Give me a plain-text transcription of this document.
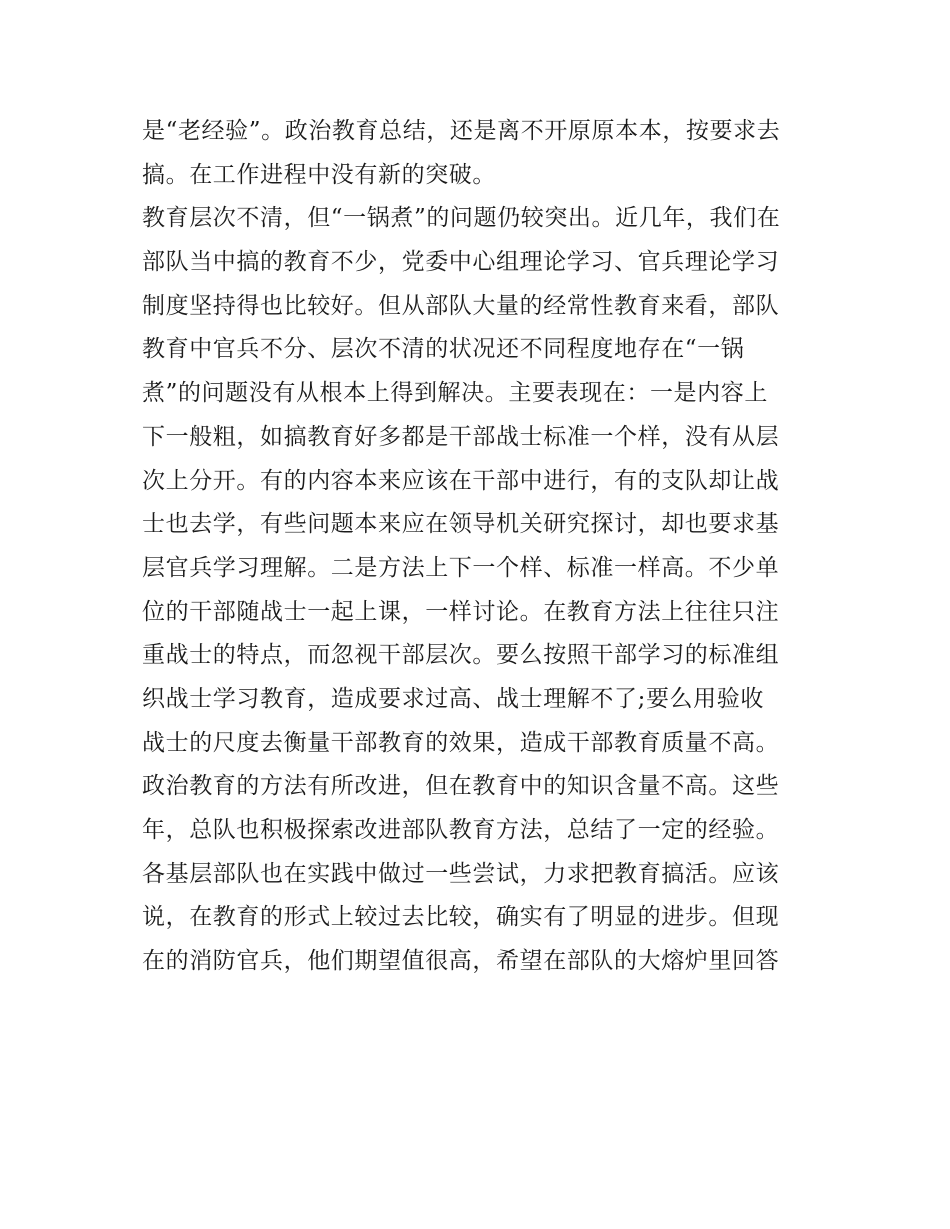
是“老经验”。政治教育总结，还是离不开原原本本，按要求去
搞。在工作进程中没有新的突破。
教育层次不清，但“一锅煮”的问题仍较突出。近几年，我们在
部队当中搞的教育不少，党委中心组理论学习、官兵理论学习
制度坚持得也比较好。但从部队大量的经常性教育来看，部队
教育中官兵不分、层次不清的状况还不同程度地存在“一锅
煮”的问题没有从根本上得到解决。主要表现在：一是内容上
下一般粗，如搞教育好多都是干部战士标准一个样，没有从层
次上分开。有的内容本来应该在干部中进行，有的支队却让战
士也去学，有些问题本来应在领导机关研究探讨，却也要求基
层官兵学习理解。二是方法上下一个样、标准一样高。不少单
位的干部随战士一起上课，一样讨论。在教育方法上往往只注
重战士的特点，而忽视干部层次。要么按照干部学习的标准组
织战士学习教育，造成要求过高、战士理解不了;要么用验收
战士的尺度去衡量干部教育的效果，造成干部教育质量不高。
政治教育的方法有所改进，但在教育中的知识含量不高。这些
年，总队也积极探索改进部队教育方法，总结了一定的经验。
各基层部队也在实践中做过一些尝试，力求把教育搞活。应该
说，在教育的形式上较过去比较，确实有了明显的进步。但现
在的消防官兵，他们期望值很高，希望在部队的大熔炉里回答
